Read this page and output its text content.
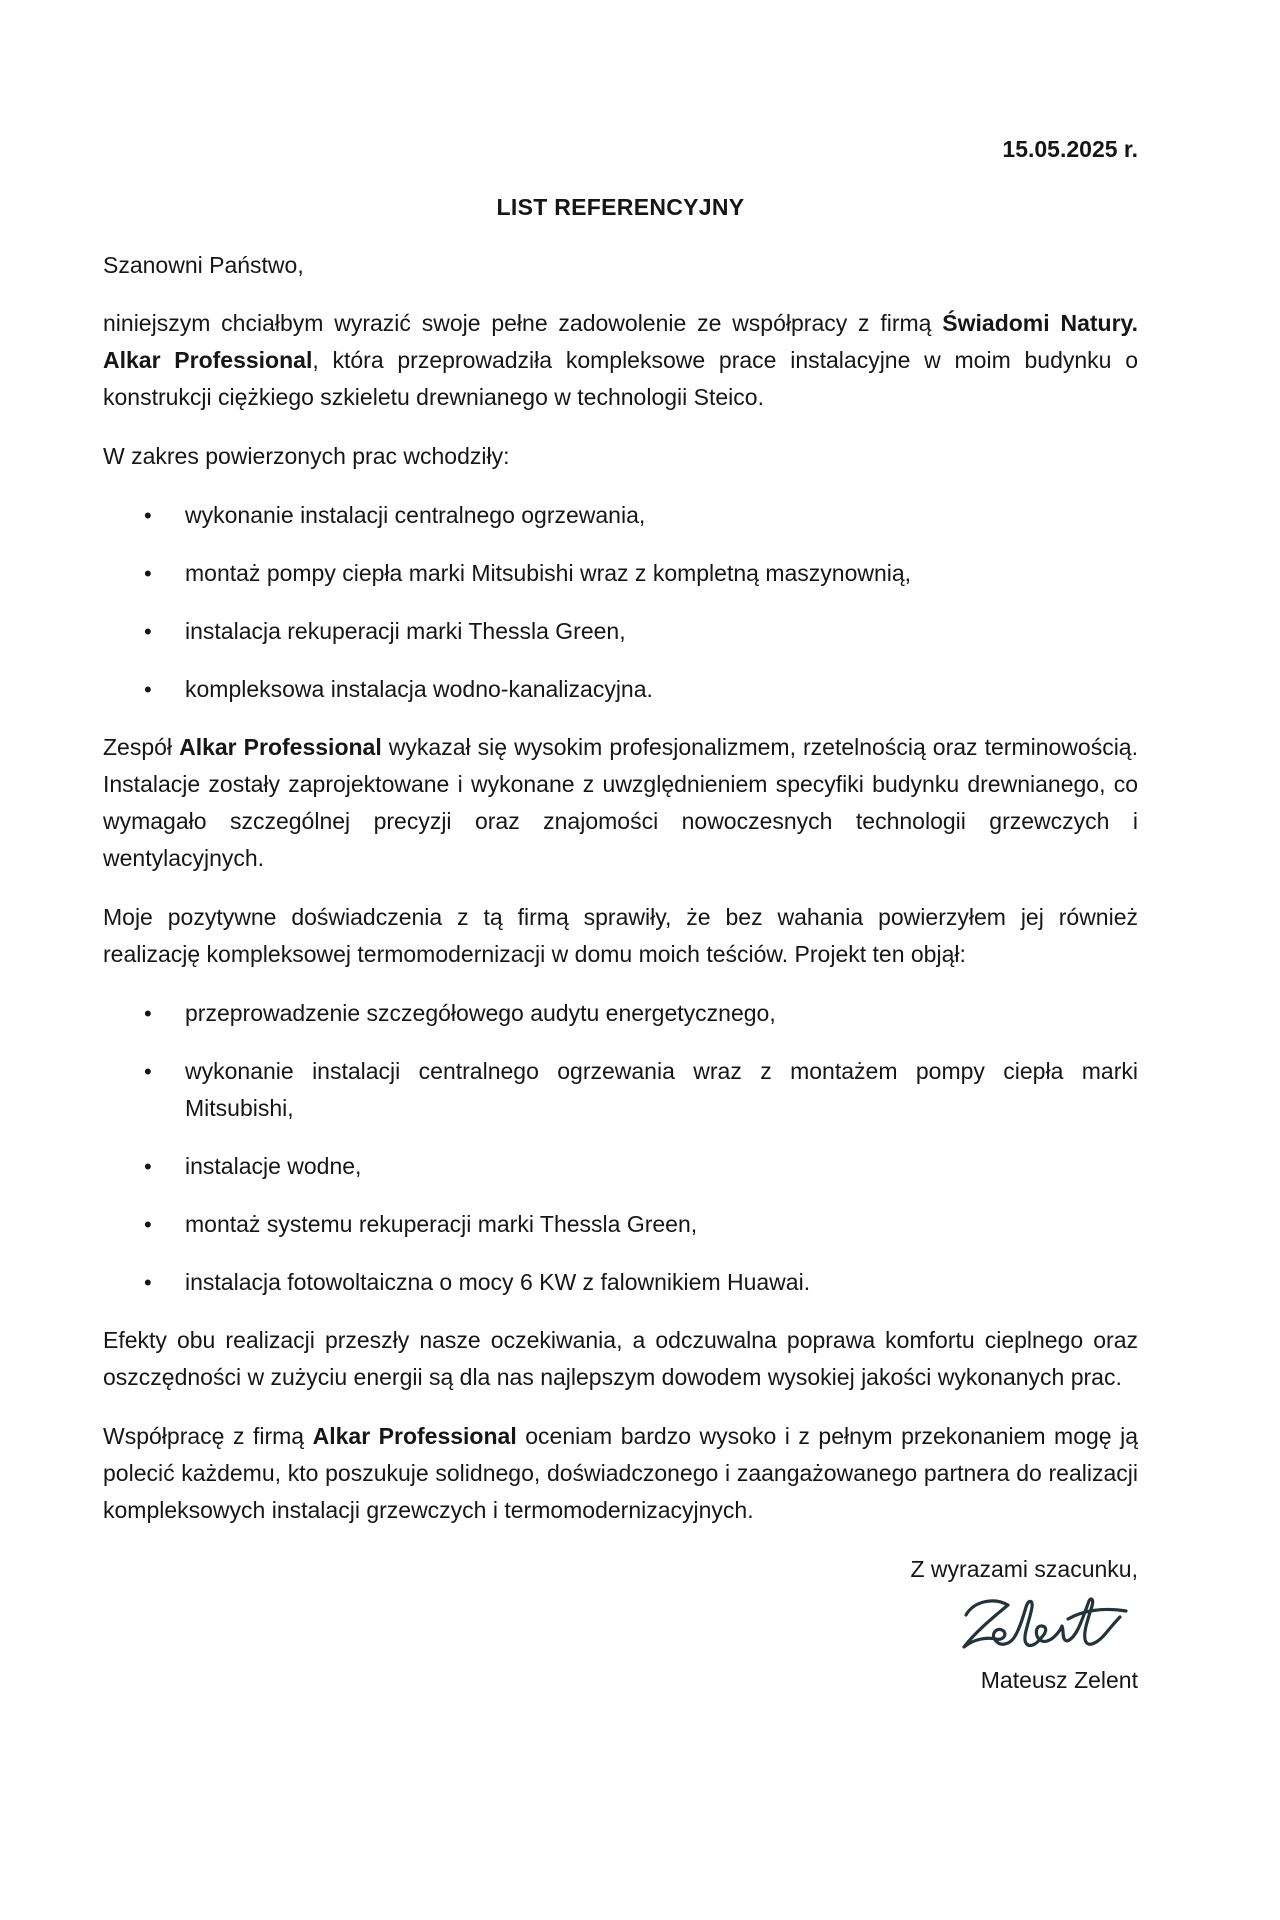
15.05.2025 r.
LIST REFERENCYJNY

Szanowni Państwo,

niniejszym chciałbym wyrazić swoje pełne zadowolenie ze współpracy z firmą Świadomi Natury. Alkar Professional, która przeprowadziła kompleksowe prace instalacyjne w moim budynku o konstrukcji ciężkiego szkieletu drewnianego w technologii Steico.

W zakres powierzonych prac wchodziły:

•	wykonanie instalacji centralnego ogrzewania,
•	montaż pompy ciepła marki Mitsubishi wraz z kompletną maszynownią,
•	instalacja rekuperacji marki Thessla Green,
•	kompleksowa instalacja wodno-kanalizacyjna.

Zespół Alkar Professional wykazał się wysokim profesjonalizmem, rzetelnością oraz terminowością. Instalacje zostały zaprojektowane i wykonane z uwzględnieniem specyfiki budynku drewnianego, co wymagało szczególnej precyzji oraz znajomości nowoczesnych technologii grzewczych i wentylacyjnych.

Moje pozytywne doświadczenia z tą firmą sprawiły, że bez wahania powierzyłem jej również realizację kompleksowej termomodernizacji w domu moich teściów. Projekt ten objął:

•	przeprowadzenie szczegółowego audytu energetycznego,
•	wykonanie instalacji centralnego ogrzewania wraz z montażem pompy ciepła marki Mitsubishi,
•	instalacje wodne,
•	montaż systemu rekuperacji marki Thessla Green,
•	instalacja fotowoltaiczna o mocy 6 KW z falownikiem Huawai.

Efekty obu realizacji przeszły nasze oczekiwania, a odczuwalna poprawa komfortu cieplnego oraz oszczędności w zużyciu energii są dla nas najlepszym dowodem wysokiej jakości wykonanych prac.

Współpracę z firmą Alkar Professional oceniam bardzo wysoko i z pełnym przekonaniem mogę ją polecić każdemu, kto poszukuje solidnego, doświadczonego i zaangażowanego partnera do realizacji kompleksowych instalacji grzewczych i termomodernizacyjnych.

Z wyrazami szacunku,

Mateusz Zelent
